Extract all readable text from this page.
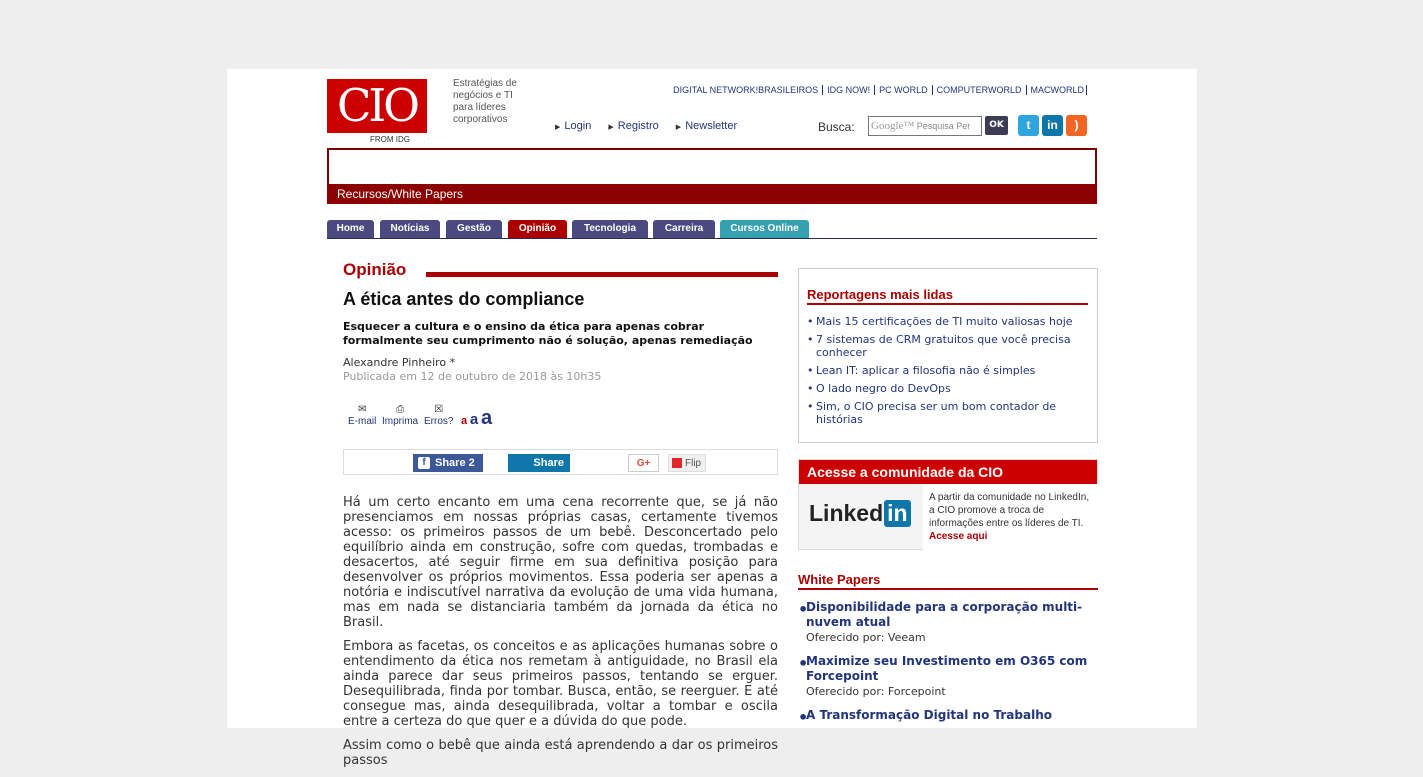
CIO
FROM IDG
Estratégias de negócios e TI para líderes corporativos
DIGITAL NETWORK!BRASILEIROS IDG NOW! PC WORLD COMPUTERWORLD MACWORLD
▶ Login ▶ Registro ▶ Newsletter	Busca: Google™ Pesquisa Per	OK	t	in	)
Recursos/White Papers
Home	Notícias	Gestão	Opinião	Tecnologia	Carreira	Cursos Online
Opinião
A ética antes do compliance
Esquecer a cultura e o ensino da ética para apenas cobrar formalmente seu cumprimento não é solução, apenas remediação
Alexandre Pinheiro *
Publicada em 12 de outubro de 2018 às 10h35
✉
E-mail
⎙
Imprima
☒
Erros? a a a
f Share 2	Share	G+	Flip

Há um certo encanto em uma cena recorrente que, se já não presenciamos em nossas próprias casas, certamente tivemos acesso: os primeiros passos de um bebê. Desconcertado pelo equilíbrio ainda em construção, sofre com quedas, trombadas e desacertos, até seguir firme em sua definitiva posição para desenvolver os próprios movimentos. Essa poderia ser apenas a notória e indiscutível narrativa da evolução de uma vida humana, mas em nada se distanciaria também da jornada da ética no Brasil.

Embora as facetas, os conceitos e as aplicações humanas sobre o entendimento da ética nos remetam à antiguidade, no Brasil ela ainda parece dar seus primeiros passos, tentando se erguer. Desequilibrada, finda por tombar. Busca, então, se reerguer. E até consegue mas, ainda desequilibrada, voltar a tombar e oscila entre a certeza do que quer e a dúvida do que pode.

Assim como o bebê que ainda está aprendendo a dar os primeiros passos

Reportagens mais lidas
• Mais 15 certificações de TI muito valiosas hoje
• 7 sistemas de CRM gratuitos que você precisa conhecer
• Lean IT: aplicar a filosofia não é simples
• O lado negro do DevOps
• Sim, o CIO precisa ser um bom contador de histórias
Acesse a comunidade da CIO
Linked in
A partir da comunidade no LinkedIn, a CIO promove a troca de informações entre os líderes de TI. Acesse aqui
White Papers
• Disponibilidade para a corporação multi-nuvem atual
Oferecido por: Veeam
• Maximize seu Investimento em O365 com Forcepoint
Oferecido por: Forcepoint
• A Transformação Digital no Trabalho
